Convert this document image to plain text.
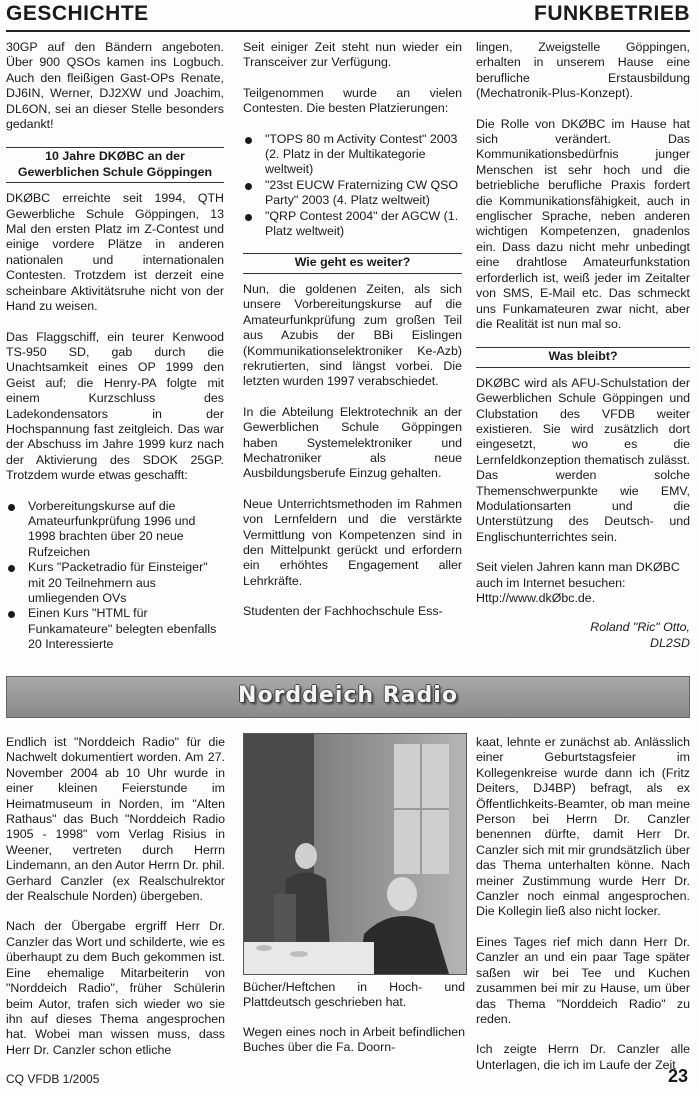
GESCHICHTE	FUNKBETRIEB

30GP auf den Bändern angeboten. Über 900 QSOs kamen ins Logbuch. Auch den fleißigen Gast-OPs Renate, DJ6IN, Werner, DJ2XW und Joachim, DL6ON, sei an dieser Stelle besonders gedankt!

10 Jahre DKØBC an der
Gewerblichen Schule Göppingen

DKØBC erreichte seit 1994, QTH Gewerbliche Schule Göppingen, 13 Mal den ersten Platz im Z-Contest und einige vordere Plätze in anderen nationalen und internationalen Contesten. Trotzdem ist derzeit eine scheinbare Aktivitätsruhe nicht von der Hand zu weisen.

Das Flaggschiff, ein teurer Kenwood TS-950 SD, gab durch die Unachtsamkeit eines OP 1999 den Geist auf; die Henry-PA folgte mit einem Kurzschluss des Ladekondensators in der Hochspannung fast zeitgleich. Das war der Abschuss im Jahre 1999 kurz nach der Aktivierung des SDOK 25GP. Trotzdem wurde etwas geschafft:

Vorbereitungskurse auf die Amateurfunkprüfung 1996 und 1998 brachten über 20 neue Rufzeichen
Kurs "Packetradio für Einsteiger" mit 20 Teilnehmern aus umliegenden OVs
Einen Kurs "HTML für Funkamateure" belegten ebenfalls 20 Interessierte

Seit einiger Zeit steht nun wieder ein Transceiver zur Verfügung.

Teilgenommen wurde an vielen Contesten. Die besten Platzierungen:

"TOPS 80 m Activity Contest" 2003 (2. Platz in der Multikategorie weltweit)
"23st EUCW Fraternizing CW QSO Party" 2003 (4. Platz weltweit)
"QRP Contest 2004" der AGCW (1. Platz weltweit)
Wie geht es weiter?

Nun, die goldenen Zeiten, als sich unsere Vorbereitungskurse auf die Amateurfunkprüfung zum großen Teil aus Azubis der BBi Eislingen (Kommunikationselektroniker Ke-Azb) rekrutierten, sind längst vorbei. Die letzten wurden 1997 verabschiedet.

In die Abteilung Elektrotechnik an der Gewerblichen Schule Göppingen haben Systemelektroniker und Mechatroniker als neue Ausbildungsberufe Einzug gehalten.

Neue Unterrichtsmethoden im Rahmen von Lernfeldern und die verstärkte Vermittlung von Kompetenzen sind in den Mittelpunkt gerückt und erfordern ein erhöhtes Engagement aller Lehrkräfte.

Studenten der Fachhochschule Ess-

lingen, Zweigstelle Göppingen, erhalten in unserem Hause eine berufliche Erstausbildung (Mechatronik-Plus-Konzept).

Die Rolle von DKØBC im Hause hat sich verändert. Das Kommunikationsbedürfnis junger Menschen ist sehr hoch und die betriebliche berufliche Praxis fordert die Kommunikationsfähigkeit, auch in englischer Sprache, neben anderen wichtigen Kompetenzen, gnadenlos ein. Dass dazu nicht mehr unbedingt eine drahtlose Amateurfunkstation erforderlich ist, weiß jeder im Zeitalter von SMS, E-Mail etc. Das schmeckt uns Funkamateuren zwar nicht, aber die Realität ist nun mal so.

Was bleibt?

DKØBC wird als AFU-Schulstation der Gewerblichen Schule Göppingen und Clubstation des VFDB weiter existieren. Sie wird zusätzlich dort eingesetzt, wo es die Lernfeldkonzeption thematisch zulässt. Das werden solche Themenschwerpunkte wie EMV, Modulationsarten und die Unterstützung des Deutsch- und Englischunterrichtes sein.

Seit vielen Jahren kann man DKØBC auch im Internet besuchen:
Http://www.dkØbc.de.

Roland "Ric" Otto,
DL2SD
Norddeich Radio

Endlich ist "Norddeich Radio" für die Nachwelt dokumentiert worden. Am 27. November 2004 ab 10 Uhr wurde in einer kleinen Feierstunde im Heimatmuseum in Norden, im "Alten Rathaus" das Buch "Norddeich Radio 1905 - 1998" vom Verlag Risius in Weener, vertreten durch Herrn Lindemann, an den Autor Herrn Dr. phil. Gerhard Canzler (ex Realschulrektor der Realschule Norden) übergeben.

Nach der Übergabe ergriff Herr Dr. Canzler das Wort und schilderte, wie es überhaupt zu dem Buch gekommen ist. Eine ehemalige Mitarbeiterin von "Norddeich Radio", früher Schülerin beim Autor, trafen sich wieder wo sie ihn auf dieses Thema angesprochen hat. Wobei man wissen muss, dass Herr Dr. Canzler schon etliche

Bücher/Heftchen in Hoch- und Plattdeutsch geschrieben hat.

Wegen eines noch in Arbeit befindlichen Buches über die Fa. Doorn-

kaat, lehnte er zunächst ab. Anlässlich einer Geburtstagsfeier im Kollegenkreise wurde dann ich (Fritz Deiters, DJ4BP) befragt, als ex Öffentlichkeits-Beamter, ob man meine Person bei Herrn Dr. Canzler benennen dürfte, damit Herr Dr. Canzler sich mit mir grundsätzlich über das Thema unterhalten könne. Nach meiner Zustimmung wurde Herr Dr. Canzler noch einmal angesprochen. Die Kollegin ließ also nicht locker.

Eines Tages rief mich dann Herr Dr. Canzler an und ein paar Tage später saßen wir bei Tee und Kuchen zusammen bei mir zu Hause, um über das Thema "Norddeich Radio" zu reden.

Ich zeigte Herrn Dr. Canzler alle Unterlagen, die ich im Laufe der Zeit

CQ VFDB 1/2005	23
